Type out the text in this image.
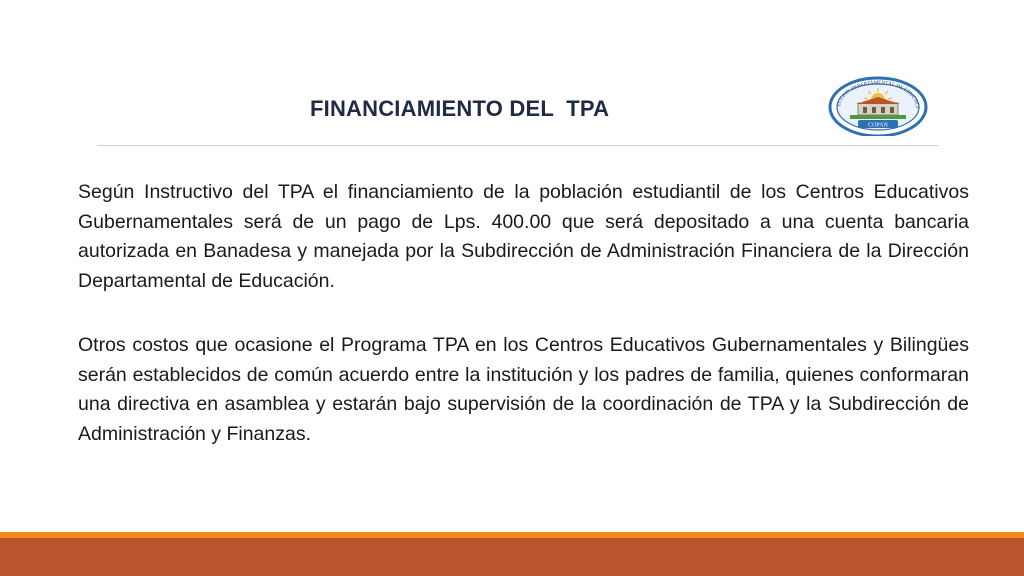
FINANCIAMIENTO DEL  TPA
COPAN
ECCION DEPARTAMENTAL DE EDUCACI

Según Instructivo del TPA el financiamiento de la población estudiantil de los Centros Educativos Gubernamentales será de un pago de Lps. 400.00 que será depositado a una cuenta bancaria autorizada en Banadesa y manejada por la Subdirección de Administración Financiera de la Dirección Departamental de Educación.

Otros costos que ocasione el Programa TPA en los Centros Educativos Gubernamentales y Bilingües serán establecidos de común acuerdo entre la institución y los padres de familia, quienes conformaran una directiva en asamblea y estarán bajo supervisión de la coordinación de TPA y la Subdirección de Administración y Finanzas.
